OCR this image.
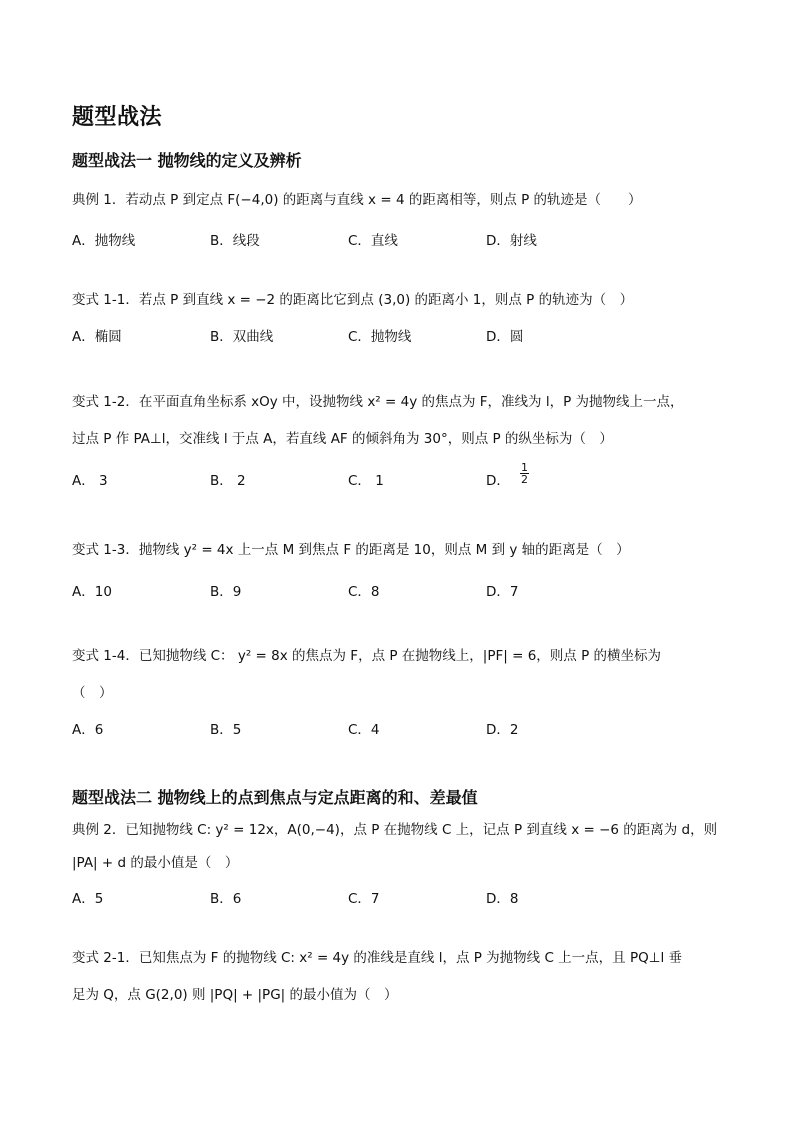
题型战法
题型战法一 抛物线的定义及辨析
典例 1．若动点 P 到定点 F(−4,0) 的距离与直线 x = 4 的距离相等，则点 P 的轨迹是（　　）
A．抛物线	B．线段	C．直线	D．射线
变式 1-1．若点 P 到直线 x = −2 的距离比它到点 (3,0) 的距离小 1，则点 P 的轨迹为（　）
A．椭圆	B．双曲线	C．抛物线	D．圆
变式 1-2．在平面直角坐标系 xOy 中，设抛物线 x² = 4y 的焦点为 F，准线为 l，P 为抛物线上一点，
过点 P 作 PA⊥l，交准线 l 于点 A，若直线 AF 的倾斜角为 30°，则点 P 的纵坐标为（　）
A． 3	B． 2	C． 1	D． $\frac{1}{2}$
变式 1-3．抛物线 y² = 4x 上一点 M 到焦点 F 的距离是 10，则点 M 到 y 轴的距离是（　）
A．10	B．9	C．8	D．7
变式 1-4．已知抛物线 C： y² = 8x 的焦点为 F，点 P 在抛物线上，|PF| = 6，则点 P 的横坐标为
（　）
A．6	B．5	C．4	D．2
题型战法二 抛物线上的点到焦点与定点距离的和、差最值
典例 2．已知抛物线 C: y² = 12x，A(0,−4)，点 P 在抛物线 C 上，记点 P 到直线 x = −6 的距离为 d，则
|PA| + d 的最小值是（　）
A．5	B．6	C．7	D．8
变式 2-1．已知焦点为 F 的抛物线 C: x² = 4y 的准线是直线 l，点 P 为抛物线 C 上一点，且 PQ⊥l 垂
足为 Q，点 G(2,0) 则 |PQ| + |PG| 的最小值为（　）
